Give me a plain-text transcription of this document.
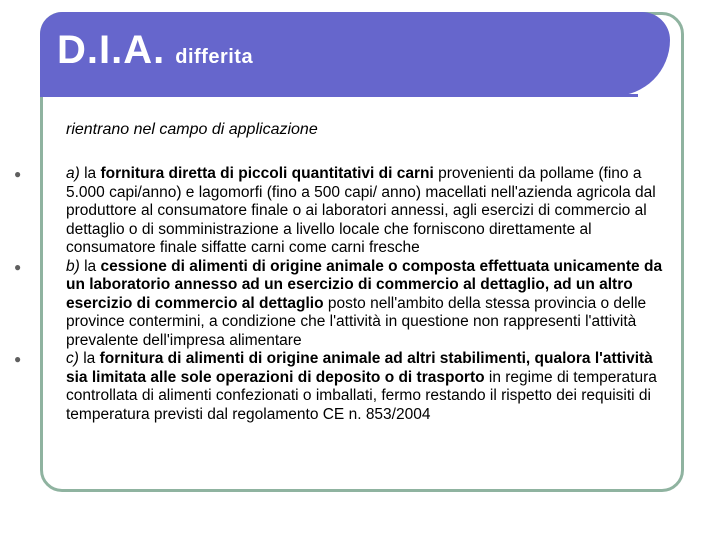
D.I.A. differita
rientrano nel campo di applicazione

●	a) la fornitura diretta di piccoli quantitativi di carni provenienti da pollame (fino a 5.000 capi/anno) e lagomorfi (fino a 500 capi/ anno) macellati nell'azienda agricola dal produttore al consumatore finale o ai laboratori annessi, agli esercizi di commercio al dettaglio o di somministrazione a livello locale che forniscono direttamente al consumatore finale siffatte carni come carni fresche

●	b) la cessione di alimenti di origine animale o composta effettuata unicamente da un laboratorio annesso ad un esercizio di commercio al dettaglio, ad un altro esercizio di commercio al dettaglio posto nell'ambito della stessa provincia o delle province contermini, a condizione che l'attività in questione non rappresenti l'attività prevalente dell'impresa alimentare

●	c) la fornitura di alimenti di origine animale ad altri stabilimenti, qualora l'attività sia limitata alle sole operazioni di deposito o di trasporto in regime di temperatura controllata di alimenti confezionati o imballati, fermo restando il rispetto dei requisiti di temperatura previsti dal regolamento CE n. 853/2004
